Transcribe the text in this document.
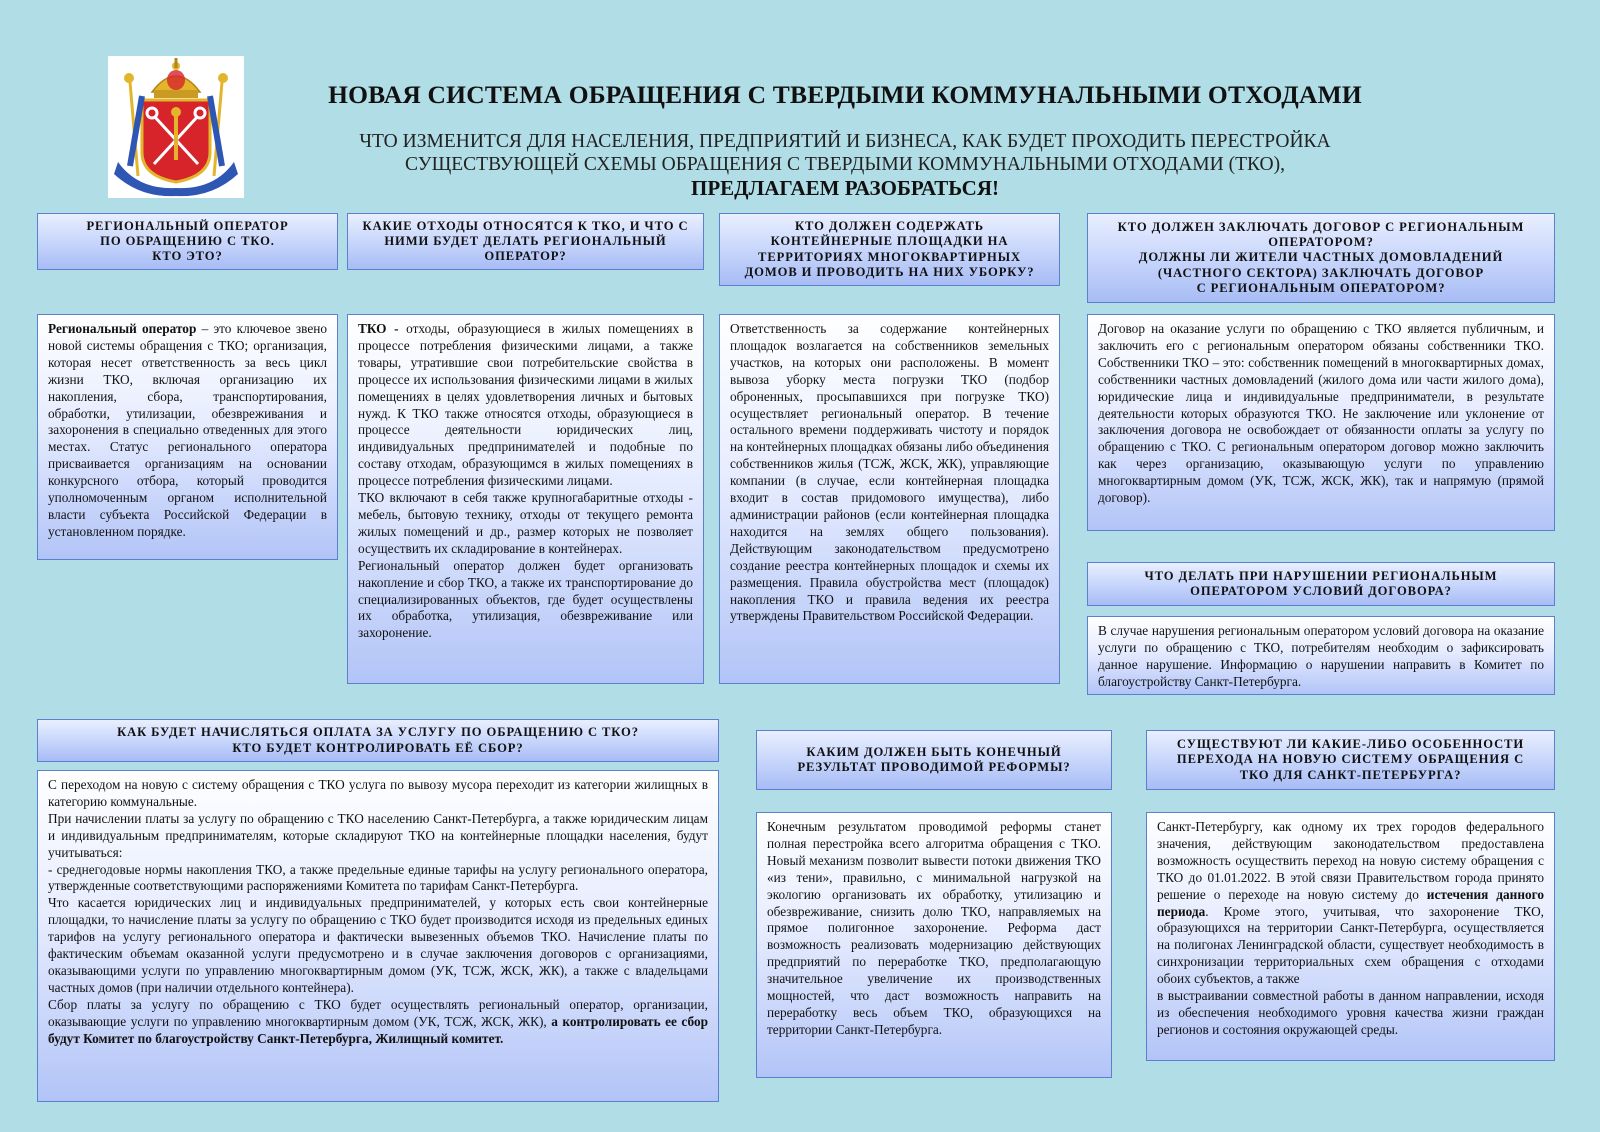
НОВАЯ СИСТЕМА ОБРАЩЕНИЯ С ТВЕРДЫМИ КОММУНАЛЬНЫМИ ОТХОДАМИ
ЧТО ИЗМЕНИТСЯ ДЛЯ НАСЕЛЕНИЯ, ПРЕДПРИЯТИЙ И БИЗНЕСА, КАК БУДЕТ ПРОХОДИТЬ ПЕРЕСТРОЙКА
СУЩЕСТВУЮЩЕЙ СХЕМЫ ОБРАЩЕНИЯ С ТВЕРДЫМИ КОММУНАЛЬНЫМИ ОТХОДАМИ (ТКО),
ПРЕДЛАГАЕМ РАЗОБРАТЬСЯ!
РЕГИОНАЛЬНЫЙ ОПЕРАТОР
ПО ОБРАЩЕНИЮ С ТКО.
КТО ЭТО?

Региональный оператор – это ключевое звено новой системы обращения с ТКО; организация, которая несет ответственность за весь цикл жизни ТКО, включая организацию их накопления, сбора, транспортирования, обработки, утилизации, обезвреживания и захоронения в специально отведенных для этого местах. Статус регионального оператора присваивается организациям на основании конкурсного отбора, который проводится уполномоченным органом исполнительной власти субъекта Российской Федерации в установленном порядке.

КАКИЕ ОТХОДЫ ОТНОСЯТСЯ К ТКО, И ЧТО С
НИМИ БУДЕТ ДЕЛАТЬ РЕГИОНАЛЬНЫЙ
ОПЕРАТОР?

ТКО - отходы, образующиеся в жилых помещениях в процессе потребления физическими лицами, а также товары, утратившие свои потребительские свойства в процессе их использования физическими лицами в жилых помещениях в целях удовлетворения личных и бытовых нужд. К ТКО также относятся отходы, образующиеся в процессе деятельности юридических лиц, индивидуальных предпринимателей и подобные по составу отходам, образующимся в жилых помещениях в процессе потребления физическими лицами.

ТКО включают в себя также крупногабаритные отходы - мебель, бытовую технику, отходы от текущего ремонта жилых помещений и др., размер которых не позволяет осуществить их складирование в контейнерах.

Региональный оператор должен будет организовать накопление и сбор ТКО, а также их транспортирование до специализированных объектов, где будет осуществлены их обработка, утилизация, обезвреживание или захоронение.

КТО ДОЛЖЕН СОДЕРЖАТЬ
КОНТЕЙНЕРНЫЕ ПЛОЩАДКИ НА
ТЕРРИТОРИЯХ МНОГОКВАРТИРНЫХ
ДОМОВ И ПРОВОДИТЬ НА НИХ УБОРКУ?

Ответственность за содержание контейнерных площадок возлагается на собственников земельных участков, на которых они расположены. В момент вывоза уборку места погрузки ТКО (подбор оброненных, просыпавшихся при погрузке ТКО) осуществляет региональный оператор. В течение остального времени поддерживать чистоту и порядок на контейнерных площадках обязаны либо объединения собственников жилья (ТСЖ, ЖСК, ЖК), управляющие компании (в случае, если контейнерная площадка входит в состав придомового имущества), либо администрации районов (если контейнерная площадка находится на землях общего пользования). Действующим законодательством предусмотрено создание реестра контейнерных площадок и схемы их размещения. Правила обустройства мест (площадок) накопления ТКО и правила ведения их реестра утверждены Правительством Российской Федерации.

КТО ДОЛЖЕН ЗАКЛЮЧАТЬ ДОГОВОР С РЕГИОНАЛЬНЫМ
ОПЕРАТОРОМ?
ДОЛЖНЫ ЛИ ЖИТЕЛИ ЧАСТНЫХ ДОМОВЛАДЕНИЙ
(ЧАСТНОГО СЕКТОРА) ЗАКЛЮЧАТЬ ДОГОВОР
С РЕГИОНАЛЬНЫМ ОПЕРАТОРОМ?

Договор на оказание услуги по обращению с ТКО является публичным, и заключить его с региональным оператором обязаны собственники ТКО. Собственники ТКО – это: собственник помещений в многоквартирных домах, собственники частных домовладений (жилого дома или части жилого дома), юридические лица и индивидуальные предприниматели, в результате деятельности которых образуются ТКО. Не заключение или уклонение от заключения договора не освобождает от обязанности оплаты за услугу по обращению с ТКО. С региональным оператором договор можно заключить как через организацию, оказывающую услуги по управлению многоквартирным домом (УК, ТСЖ, ЖСК, ЖК), так и напрямую (прямой договор).

ЧТО ДЕЛАТЬ ПРИ НАРУШЕНИИ РЕГИОНАЛЬНЫМ
ОПЕРАТОРОМ УСЛОВИЙ ДОГОВОРА?

В случае нарушения региональным оператором условий договора на оказание услуги по обращению с ТКО, потребителям необходим о зафиксировать данное нарушение. Информацию о нарушении направить в Комитет по благоустройству Санкт-Петербурга.

КАК БУДЕТ НАЧИСЛЯТЬСЯ ОПЛАТА ЗА УСЛУГУ ПО ОБРАЩЕНИЮ С ТКО?
КТО БУДЕТ КОНТРОЛИРОВАТЬ ЕЁ СБОР?

С переходом на новую с систему обращения с ТКО услуга по вывозу мусора переходит из категории жилищных в категорию коммунальные.

При начислении платы за услугу по обращению с ТКО населению Санкт-Петербурга, а также юридическим лицам и индивидуальным предпринимателям, которые складируют ТКО на контейнерные площадки населения, будут учитываться:

- среднегодовые нормы накопления ТКО, а также предельные единые тарифы на услугу регионального оператора, утвержденные соответствующими распоряжениями Комитета по тарифам Санкт-Петербурга.

Что касается юридических лиц и индивидуальных предпринимателей, у которых есть свои контейнерные площадки, то начисление платы за услугу по обращению с ТКО будет производится исходя из предельных единых тарифов на услугу регионального оператора и фактически вывезенных объемов ТКО. Начисление платы по фактическим объемам оказанной услуги предусмотрено и в случае заключения договоров с организациями, оказывающими услуги по управлению многоквартирным домом (УК, ТСЖ, ЖСК, ЖК), а также с владельцами частных домов (при наличии отдельного контейнера).

Сбор платы за услугу по обращению с ТКО будет осуществлять региональный оператор, организации, оказывающие услуги по управлению многоквартирным домом (УК, ТСЖ, ЖСК, ЖК), а контролировать ее сбор будут Комитет по благоустройству Санкт-Петербурга, Жилищный комитет.

КАКИМ ДОЛЖЕН БЫТЬ КОНЕЧНЫЙ
РЕЗУЛЬТАТ ПРОВОДИМОЙ РЕФОРМЫ?

Конечным результатом проводимой реформы станет полная перестройка всего алгоритма обращения с ТКО. Новый механизм позволит вывести потоки движения ТКО «из тени», правильно, с минимальной нагрузкой на экологию организовать их обработку, утилизацию и обезвреживание, снизить долю ТКО, направляемых на прямое полигонное захоронение. Реформа даст возможность реализовать модернизацию действующих предприятий по переработке ТКО, предполагающую значительное увеличение их производственных мощностей, что даст возможность направить на переработку весь объем ТКО, образующихся на территории Санкт-Петербурга.

СУЩЕСТВУЮТ ЛИ КАКИЕ-ЛИБО ОСОБЕННОСТИ
ПЕРЕХОДА НА НОВУЮ СИСТЕМУ ОБРАЩЕНИЯ С
ТКО ДЛЯ САНКТ-ПЕТЕРБУРГА?

Санкт-Петербургу, как одному их трех городов федерального значения, действующим законодательством предоставлена возможность осуществить переход на новую систему обращения с ТКО до 01.01.2022. В этой связи Правительством города принято решение о переходе на новую систему до истечения данного периода. Кроме этого, учитывая, что захоронение ТКО, образующихся на территории Санкт-Петербурга, осуществляется на полигонах Ленинградской области, существует необходимость в синхронизации территориальных схем обращения с отходами обоих субъектов, а также

в выстраивании совместной работы в данном направлении, исходя из обеспечения необходимого уровня качества жизни граждан регионов и состояния окружающей среды.
